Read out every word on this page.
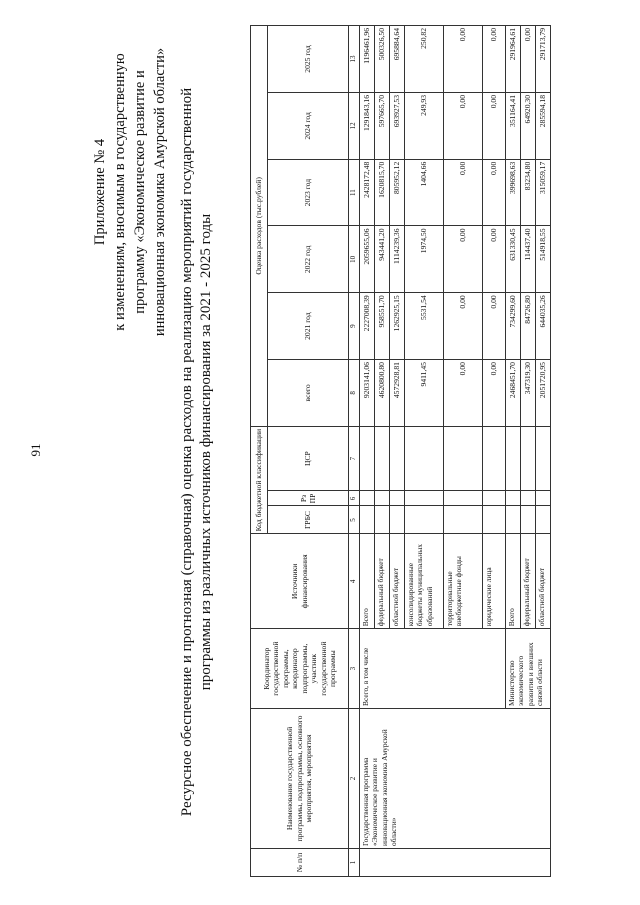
91
Приложение № 4 к изменениям, вносимым в государственную программу «Экономическое развитие и инновационная экономика Амурской области» Ресурсное обеспечение и прогнозная (справочная) оценка расходов на реализацию мероприятий государственной программы из различных источников финансирования за 2021 - 2025 годы
№ п/п	Наименование государственной программы, подпрограммы, основного мероприятия, мероприятия	Координатор государственной программы, координатор подпрограммы, участник государственной программы	Источники финансирования	Код бюджетной классификации			Оценка расходов (тыс.рублей)					
				ГРБС	Рз ПР	ЦСР	всего	2021 год	2022 год	2023 год	2024 год	2025 год
1	2	3	4	5	6	7	8	9	10	11	12	13
	Государственная программа «Экономическое развитие и инновационная экономика Амурской области»	Всего, в том числе	Всего				9203141,06	2227008,39	2059655,06	2428172,48	1291843,16	1196461,96
			федеральный бюджет				4620800,80	958551,70	943441,20	1620815,70	597665,70	500326,50
			областной бюджет				4572928,81	1262925,15	1114239,36	805952,12	693927,53	695884,64
			консолидированные бюджеты муниципальных образований				9411,45	5531,54	1974,50	1404,66	249,93	250,82
			территориальные внебюджетные фонды				0,00	0,00	0,00	0,00	0,00	0,00
			юридические лица				0,00	0,00	0,00	0,00	0,00	0,00
		Министерство экономического развития и внешних связей области	Всего				2468451,70	734299,60	631330,45	399698,63	351164,41	291964,61
			федеральный бюджет				347319,30	84726,80	114437,40	83234,80	64920,30	0,00
			областной бюджет				2051720,95	644035,26	514918,55	315059,17	285594,18	291713,79
